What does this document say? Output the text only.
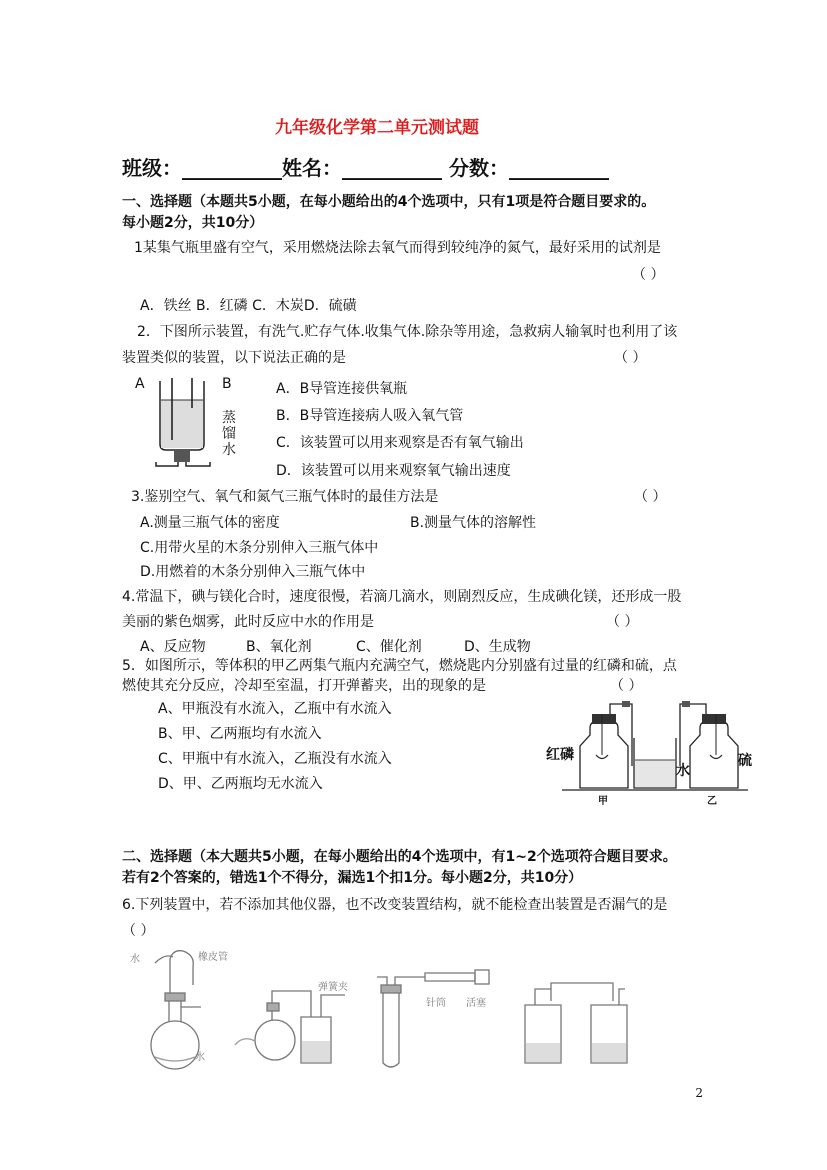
九年级化学第二单元测试题
班级：__________姓名：__________ 分数：__________
一、选择题（本题共5小题，在每小题给出的4个选项中，只有1项是符合题目要求的。
每小题2分，共10分）
1某集气瓶里盛有空气，采用燃烧法除去氧气而得到较纯净的氮气，最好采用的试剂是
（ ）
A．铁丝 B．红磷 C．木炭D．硫磺
2．下图所示装置，有洗气.贮存气体.收集气体.除杂等用途，急救病人输氧时也利用了该
装置类似的装置，以下说法正确的是	（ ）
A	B
蒸馏水
A．B导管连接供氧瓶
B．B导管连接病人吸入氧气管
C．该装置可以用来观察是否有氧气输出
D．该装置可以用来观察氧气输出速度
3.鉴别空气、氧气和氮气三瓶气体时的最佳方法是	（ ）
A.测量三瓶气体的密度	B.测量气体的溶解性
C.用带火星的木条分别伸入三瓶气体中
D.用燃着的木条分别伸入三瓶气体中
4.常温下，碘与镁化合时，速度很慢，若滴几滴水，则剧烈反应，生成碘化镁，还形成一股
美丽的紫色烟雾，此时反应中水的作用是	（ ）
A、反应物	B、氧化剂	C、催化剂	D、生成物
5．如图所示，等体积的甲乙两集气瓶内充满空气，燃烧匙内分别盛有过量的红磷和硫，点
燃使其充分反应，冷却至室温，打开弹蓄夹，出的现象的是	（ ）
A、甲瓶没有水流入，乙瓶中有水流入
B、甲、乙两瓶均有水流入
C、甲瓶中有水流入，乙瓶没有水流入
D、甲、乙两瓶均无水流入
红磷	硫
水
甲	乙
二、选择题（本大题共5小题，在每小题给出的4个选项中，有1~2个选项符合题目要求。
若有2个答案的，错选1个不得分，漏选1个扣1分。每小题2分，共10分）
6.下列装置中，若不添加其他仪器，也不改变装置结构，就不能检查出装置是否漏气的是
（ ）
水	橡皮管
水
弹簧夹
针筒 活塞
2
